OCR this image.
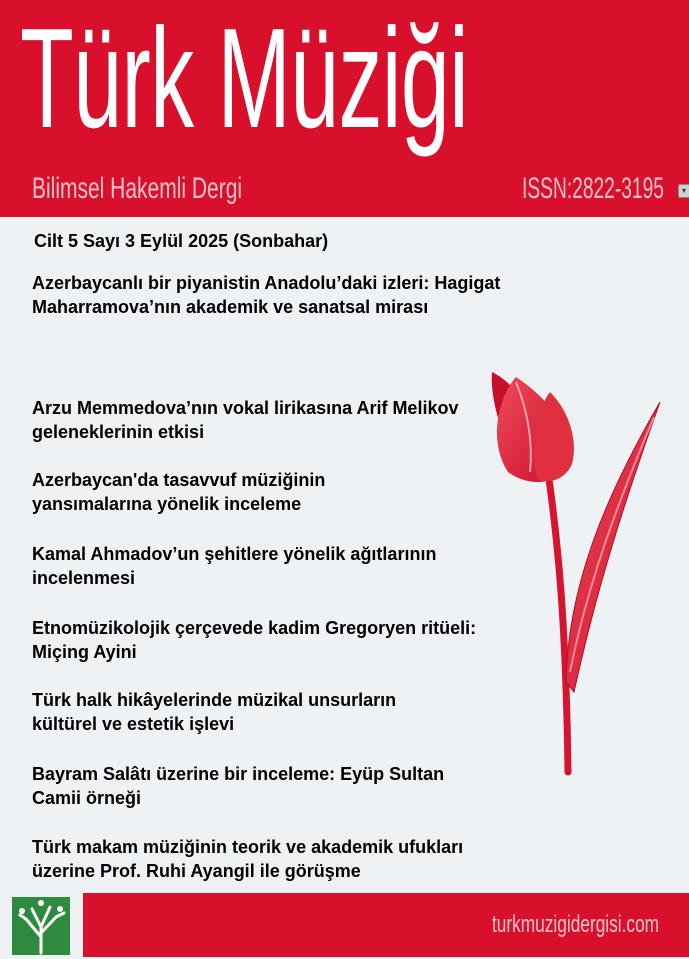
Türk Müziği
Bilimsel Hakemli Dergi	ISSN:2822-3195	▾
Cilt 5 Sayı 3 Eylül 2025 (Sonbahar)

Azerbaycanlı bir piyanistin Anadolu’daki izleri: Hagigat Maharramova’nın akademik ve sanatsal mirası

Arzu Memmedova’nın vokal lirikasına Arif Melikov geleneklerinin etkisi

Azerbaycan'da tasavvuf müziğinin yansımalarına yönelik inceleme

Kamal Ahmadov’un şehitlere yönelik ağıtlarının incelenmesi

Etnomüzikolojik çerçevede kadim Gregoryen ritüeli: Miçing Ayini

Türk halk hikâyelerinde müzikal unsurların kültürel ve estetik işlevi

Bayram Salâtı üzerine bir inceleme: Eyüp Sultan Camii örneği

Türk makam müziğinin teorik ve akademik ufukları üzerine Prof. Ruhi Ayangil ile görüşme

turkmuzigidergisi.com
